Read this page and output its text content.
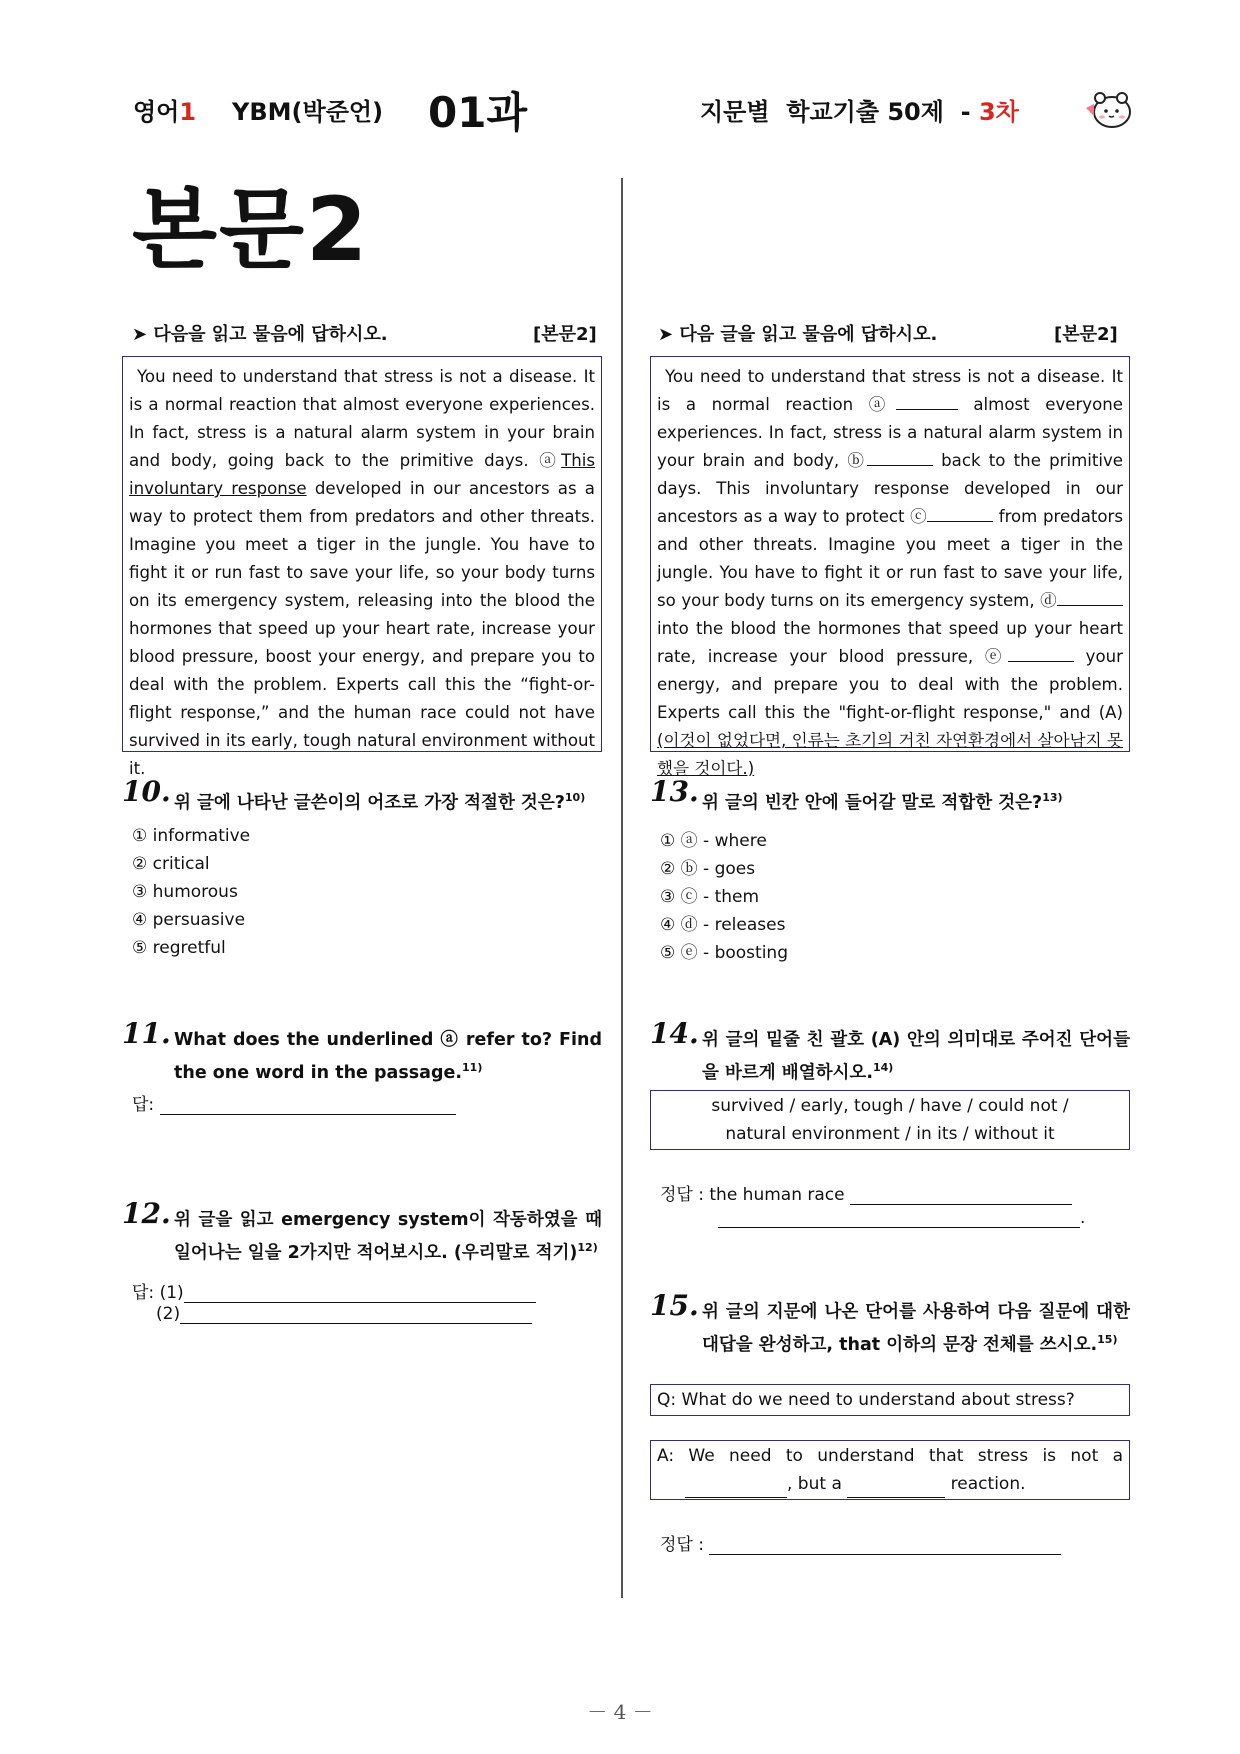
영어1 YBM(박준언) 01과	지문별  학교기출 50제  - 3차
본문2
➤ 다음을 읽고 물음에 답하시오.	[본문2]
You need to understand that stress is not a disease. It is a normal reaction that almost everyone experiences. In fact, stress is a natural alarm system in your brain and body, going back to the primitive days. ⓐThis involuntary response developed in our ancestors as a way to protect them from predators and other threats. Imagine you meet a tiger in the jungle. You have to fight it or run fast to save your life, so your body turns on its emergency system, releasing into the blood the hormones that speed up your heart rate, increase your blood pressure, boost your energy, and prepare you to deal with the problem. Experts call this the “fight-or-flight response,” and the human race could not have survived in its early, tough natural environment without it.
10. 위 글에 나타난 글쓴이의 어조로 가장 적절한 것은?$^{10)}$
① informative
② critical
③ humorous
④ persuasive
⑤ regretful
11. What does the underlined ⓐ refer to? Find the one word in the passage.$^{11)}$
답:
12. 위 글을 읽고 emergency system이 작동하였을 때 일어나는 일을 2가지만 적어보시오. (우리말로 적기)$^{12)}$
답: (1)
(2)
➤ 다음 글을 읽고 물음에 답하시오.	[본문2]
You need to understand that stress is not a disease. It is a normal reaction ⓐ	almost everyone experiences. In fact, stress is a natural alarm system in your brain and body, ⓑ	back to the primitive days. This involuntary response developed in our ancestors as a way to protect ⓒ	from predators and other threats. Imagine you meet a tiger in the jungle. You have to fight it or run fast to save your life, so your body turns on its emergency system, ⓓ into the blood the hormones that speed up your heart rate, increase your blood pressure, ⓔ	your energy, and prepare you to deal with the problem. Experts call this the "fight-or-flight response," and (A)(이것이 없었다면, 인류는 초기의 거친 자연환경에서 살아남지 못했을 것이다.)
13. 위 글의 빈칸 안에 들어갈 말로 적합한 것은?$^{13)}$
① ⓐ - where
② ⓑ - goes
③ ⓒ - them
④ ⓓ - releases
⑤ ⓔ - boosting
14. 위 글의 밑줄 친 괄호 (A) 안의 의미대로 주어진 단어들을 바르게 배열하시오.$^{14)}$
survived / early, tough / have / could not /
natural environment / in its / without it
정답 : the human race
.
15. 위 글의 지문에 나온 단어를 사용하여 다음 질문에 대한 대답을 완성하고, that 이하의 문장 전체를 쓰시오.$^{15)}$
Q: What do we need to understand about stress?
A: We need to understand that stress is not a
, but a	reaction.
정답 :
－ 4 －
